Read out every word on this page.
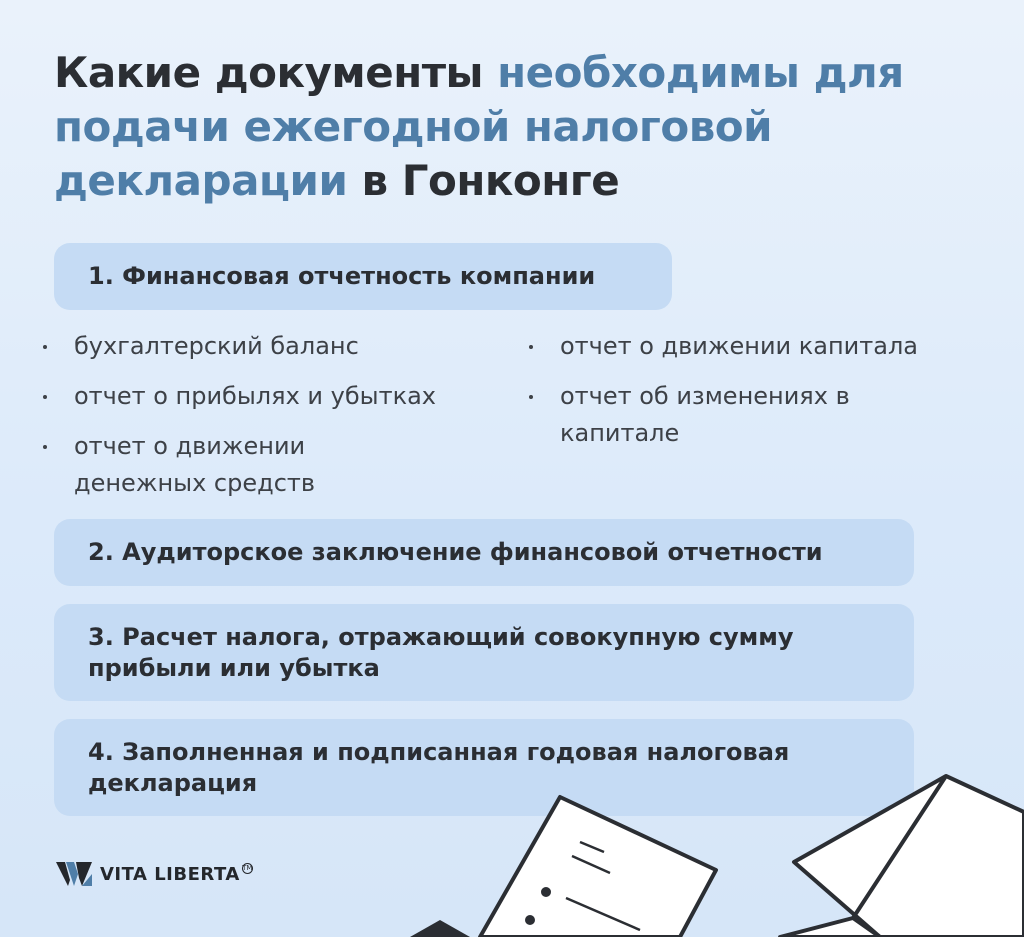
Какие документы необходимы для подачи ежегодной налоговой декларации в Гонконге
1. Финансовая отчетность компании
бухгалтерский баланс
отчет о прибылях и убытках
отчет о движении денежных средств
отчет о движении капитала
отчет об изменениях в капитале
2. Аудиторское заключение финансовой отчетности
3. Расчет налога, отражающий совокупную сумму прибыли или убытка
4. Заполненная и подписанная годовая налоговая декларация
VITA LIBERTA TM
